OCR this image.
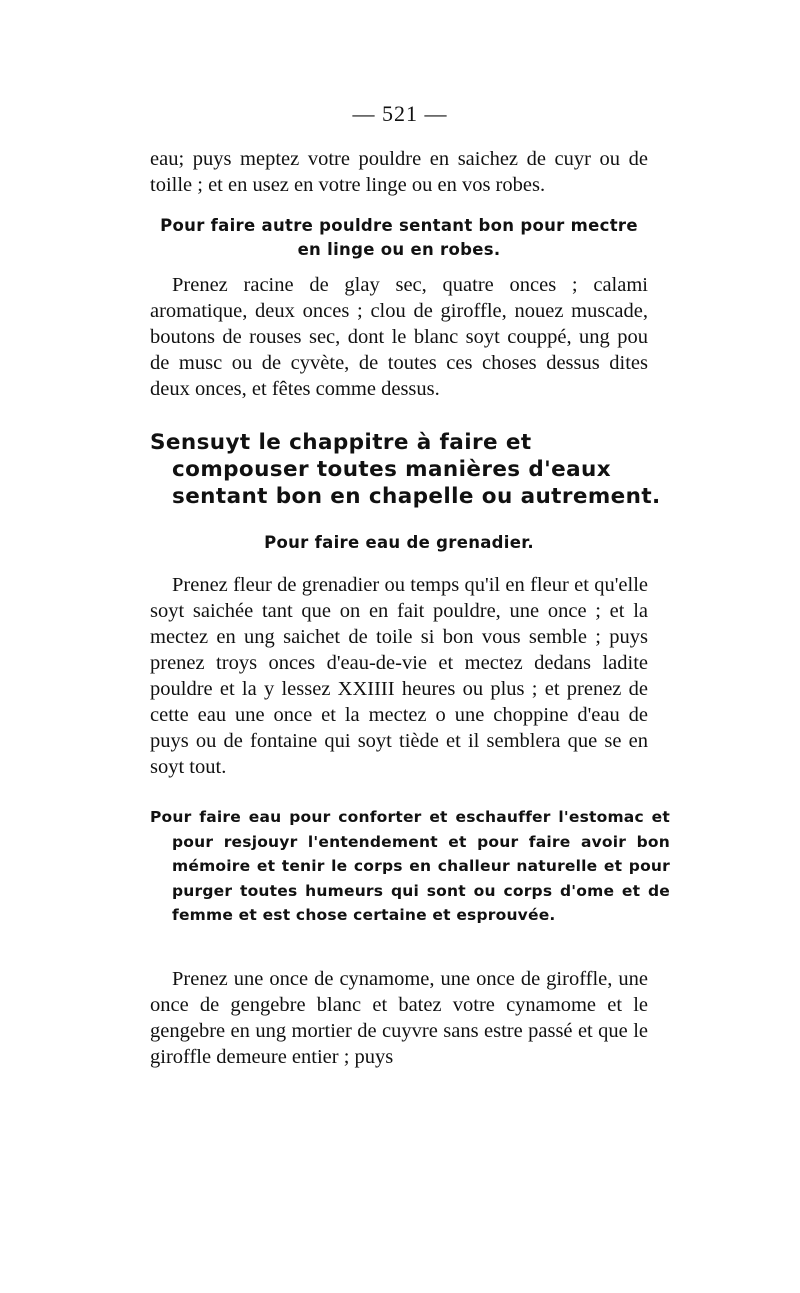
— 521 —

eau; puys meptez votre pouldre en saichez de cuyr ou de toille ; et en usez en votre linge ou en vos robes.

Pour faire autre pouldre sentant bon pour mectre en linge ou en robes.

Prenez racine de glay sec, quatre onces ; calami aromatique, deux onces ; clou de giroffle, nouez muscade, boutons de rouses sec, dont le blanc soyt couppé, ung pou de musc ou de cyvète, de toutes ces choses dessus dites deux onces, et fêtes comme dessus.

Sensuyt le chappitre à faire et compouser toutes manières d'eaux sentant bon en chapelle ou autrement.

Pour faire eau de grenadier.

Prenez fleur de grenadier ou temps qu'il en fleur et qu'elle soyt saichée tant que on en fait pouldre, une once ; et la mectez en ung saichet de toile si bon vous semble ; puys prenez troys onces d'eau-de-vie et mectez dedans ladite pouldre et la y lessez XXIIII heures ou plus ; et prenez de cette eau une once et la mectez o une choppine d'eau de puys ou de fontaine qui soyt tiède et il semblera que se en soyt tout.

Pour faire eau pour conforter et eschauffer l'estomac et pour resjouyr l'entendement et pour faire avoir bon mémoire et tenir le corps en challeur naturelle et pour purger toutes humeurs qui sont ou corps d'ome et de femme et est chose certaine et esprouvée.

Prenez une once de cynamome, une once de giroffle, une once de gengebre blanc et batez votre cynamome et le gengebre en ung mortier de cuyvre sans estre passé et que le giroffle demeure entier ; puys
